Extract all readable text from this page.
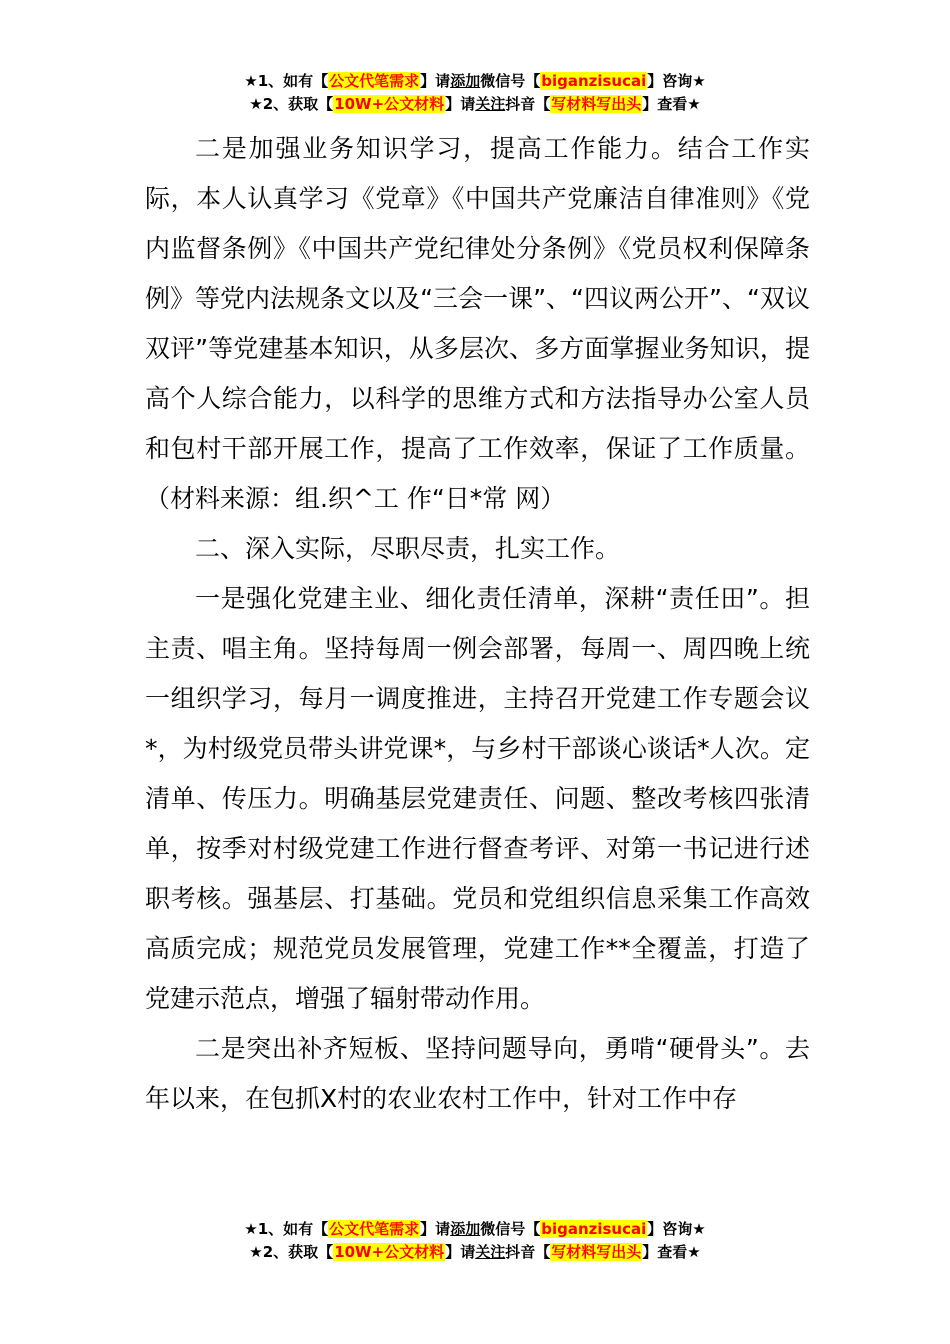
★1、如有【公文代笔需求】请添加微信号【biganzisucai】咨询★
★2、获取【10W+公文材料】请关注抖音【写材料写出头】查看★

二是加强业务知识学习，提高工作能力。结合工作实际，本人认真学习《党章》《中国共产党廉洁自律准则》《党内监督条例》《中国共产党纪律处分条例》《党员权利保障条例》等党内法规条文以及“三会一课”、“四议两公开”、“双议双评”等党建基本知识，从多层次、多方面掌握业务知识，提高个人综合能力，以科学的思维方式和方法指导办公室人员和包村干部开展工作，提高了工作效率，保证了工作质量。（材料来源：组.织^工 作“日*常 网）

二、深入实际，尽职尽责，扎实工作。

一是强化党建主业、细化责任清单，深耕“责任田”。担主责、唱主角。坚持每周一例会部署，每周一、周四晚上统一组织学习，每月一调度推进，主持召开党建工作专题会议*，为村级党员带头讲党课*，与乡村干部谈心谈话*人次。定清单、传压力。明确基层党建责任、问题、整改考核四张清单，按季对村级党建工作进行督查考评、对第一书记进行述职考核。强基层、打基础。党员和党组织信息采集工作高效高质完成；规范党员发展管理，党建工作**全覆盖，打造了党建示范点，增强了辐射带动作用。

二是突出补齐短板、坚持问题导向，勇啃“硬骨头”。去年以来，在包抓X村的农业农村工作中，针对工作中存

★1、如有【公文代笔需求】请添加微信号【biganzisucai】咨询★
★2、获取【10W+公文材料】请关注抖音【写材料写出头】查看★
